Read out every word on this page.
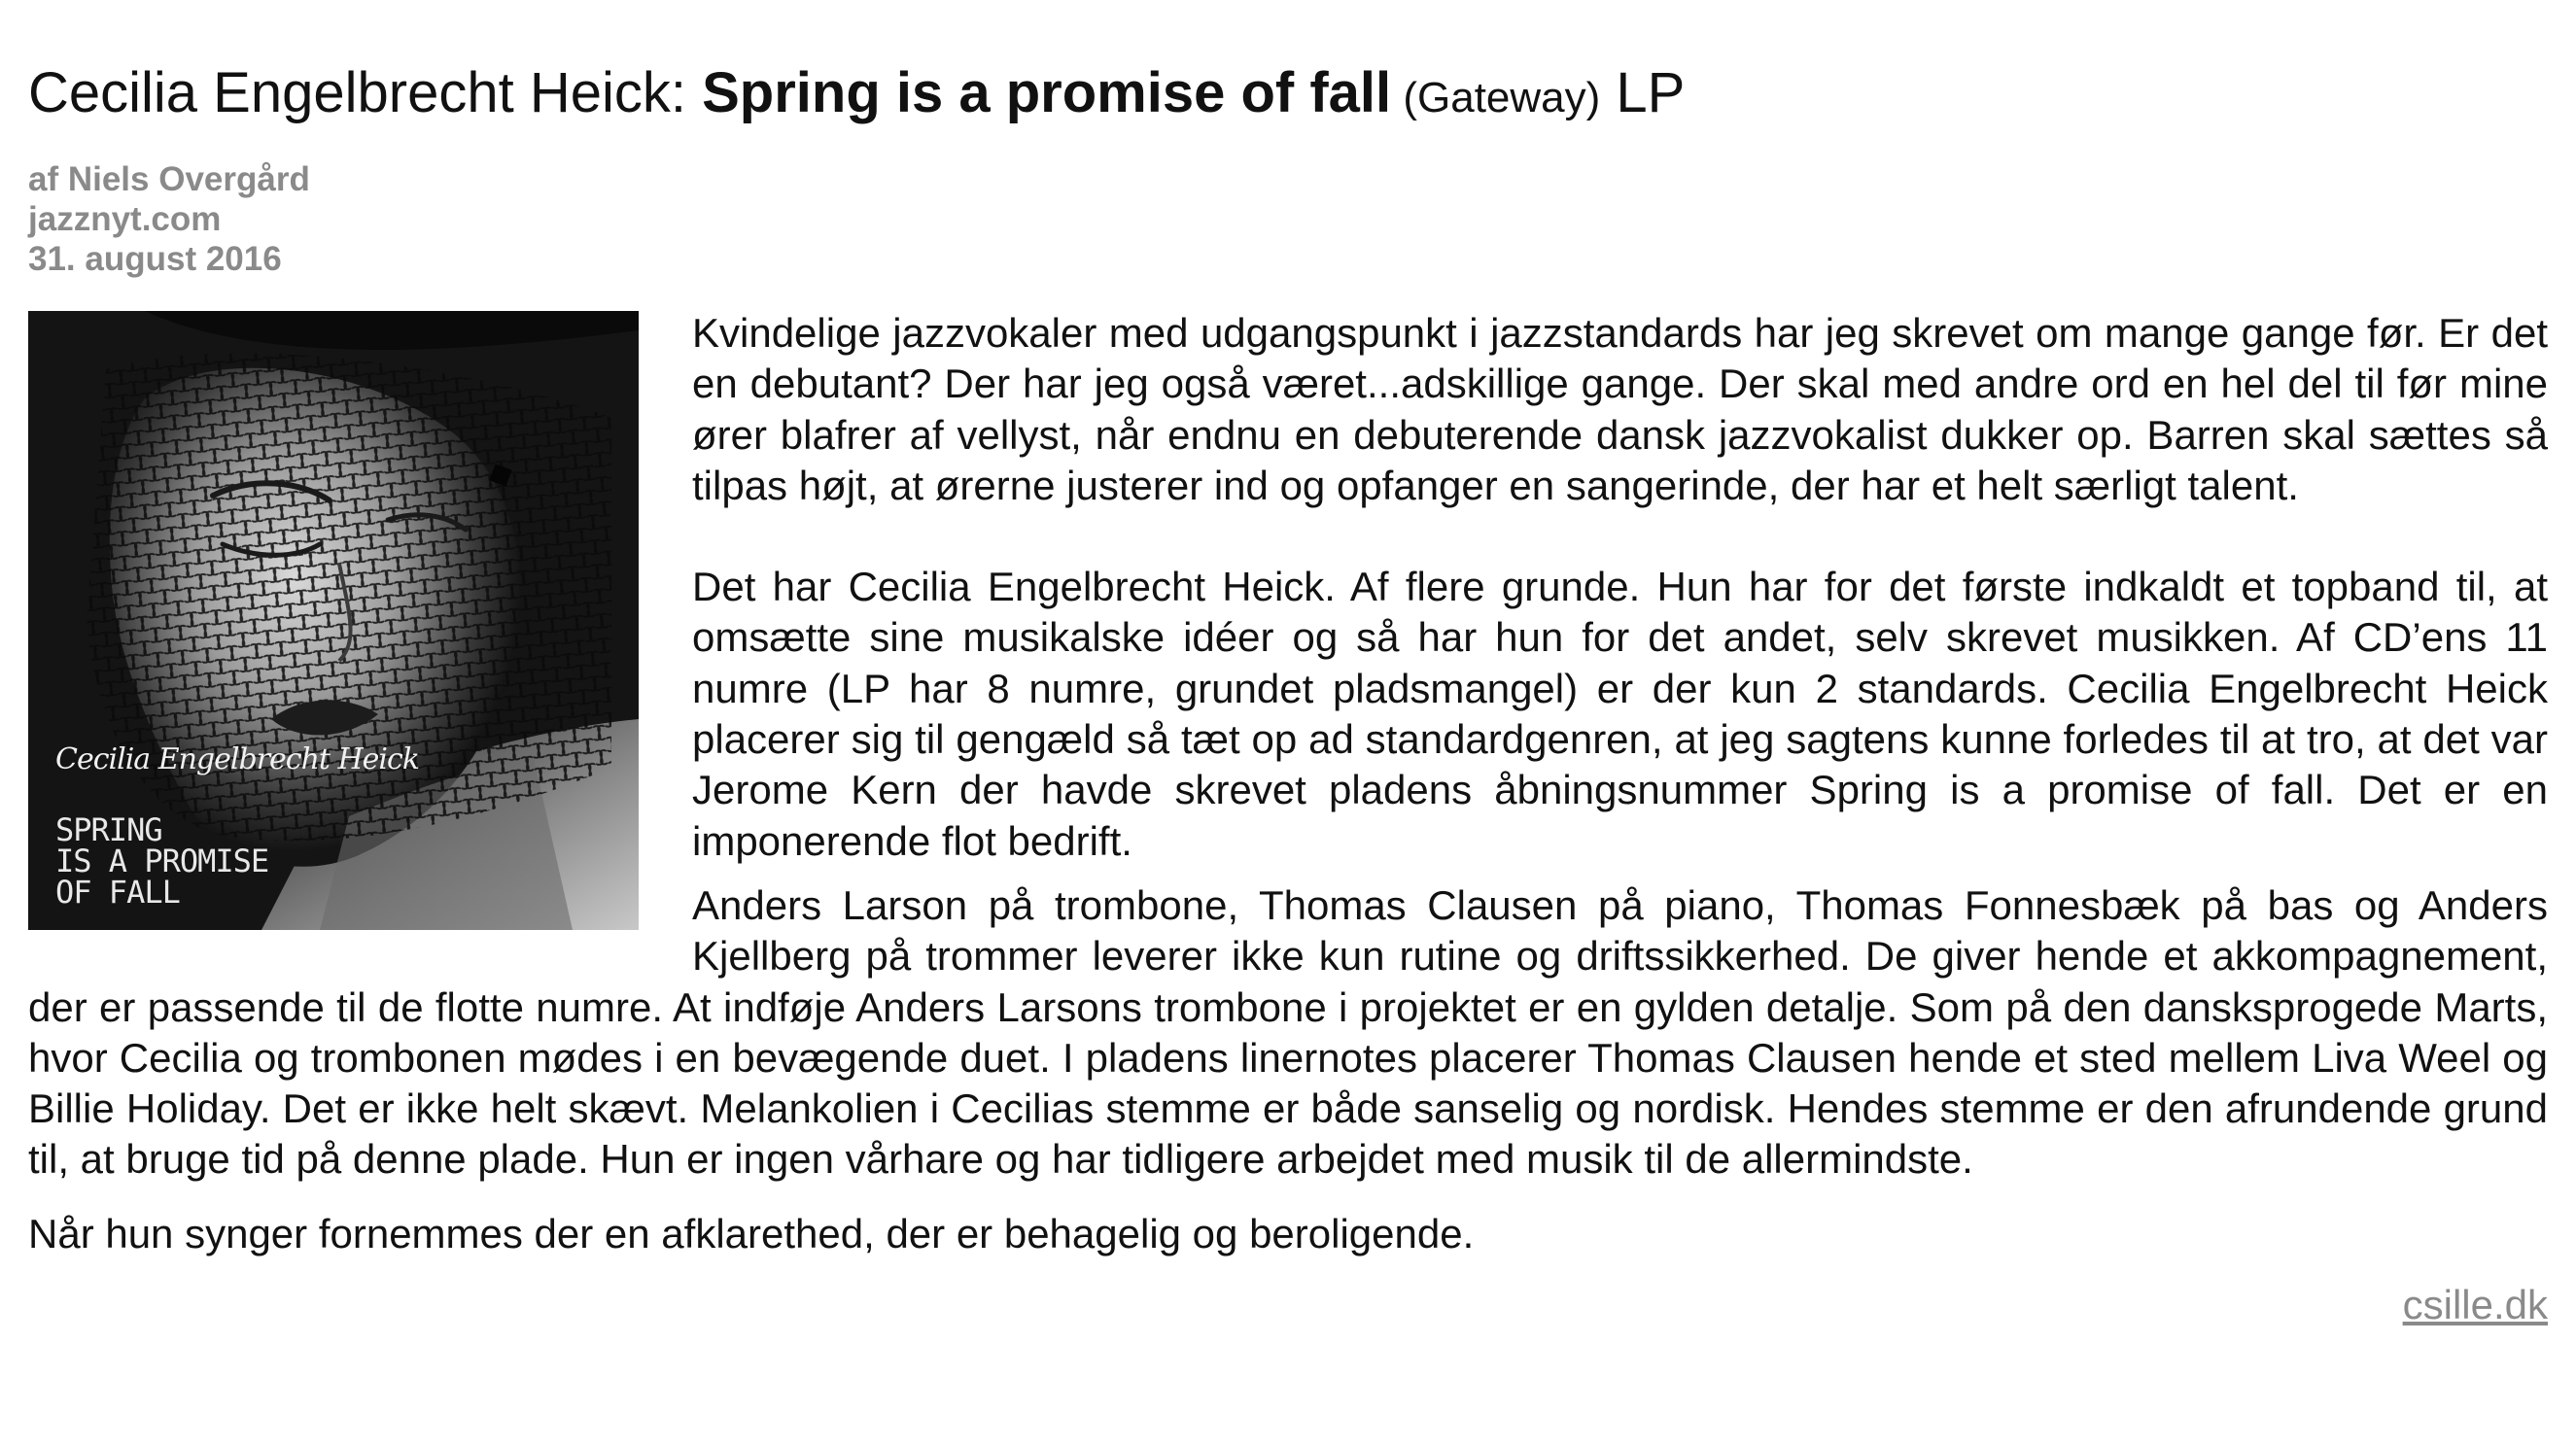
Cecilia Engelbrecht Heick: Spring is a promise of fall (Gateway) LP
af Niels Overgård
jazznyt.com
31. august 2016
Cecilia Engelbrecht Heick
SPRING
IS A PROMISE
OF FALL

Kvindelige jazzvokaler med udgangspunkt i jazzstandards har jeg skrevet om mange gange før. Er det en debutant? Der har jeg også været...adskillige gange. Der skal med andre ord en hel del til før mine ører blafrer af vellyst, når endnu en debuterende dansk jazzvokalist dukker op. Barren skal sættes så tilpas højt, at ørerne justerer ind og opfanger en sangerinde, der har et helt særligt talent.

Det har Cecilia Engelbrecht Heick. Af flere grunde. Hun har for det første indkaldt et topband til, at omsætte sine musikalske idéer og så har hun for det andet, selv skrevet musikken. Af CD’ens 11 numre (LP har 8 numre, grundet pladsmangel) er der kun 2 standards. Cecilia Engelbrecht Heick placerer sig til gengæld så tæt op ad standardgenren, at jeg sagtens kunne forledes til at tro, at det var Jerome Kern der havde skrevet pladens åbningsnummer Spring is a promise of fall. Det er en imponerende flot bedrift.

Anders Larson på trombone, Thomas Clausen på piano, Thomas Fonnesbæk på bas og Anders Kjellberg på trommer leverer ikke kun rutine og driftssikkerhed. De giver hende et akkompagnement, der er passende til de flotte numre. At indføje Anders Larsons trombone i projektet er en gylden detalje. Som på den dansksprogede Marts, hvor Cecilia og trombonen mødes i en bevægende duet. I pladens linernotes placerer Thomas Clausen hende et sted mellem Liva Weel og Billie Holiday. Det er ikke helt skævt. Melankolien i Cecilias stemme er både sanselig og nordisk. Hendes stemme er den afrundende grund til, at bruge tid på denne plade. Hun er ingen vårhare og har tidligere arbejdet med musik til de allermindste.

Når hun synger fornemmes der en afklarethed, der er behagelig og beroligende.

csille.dk
